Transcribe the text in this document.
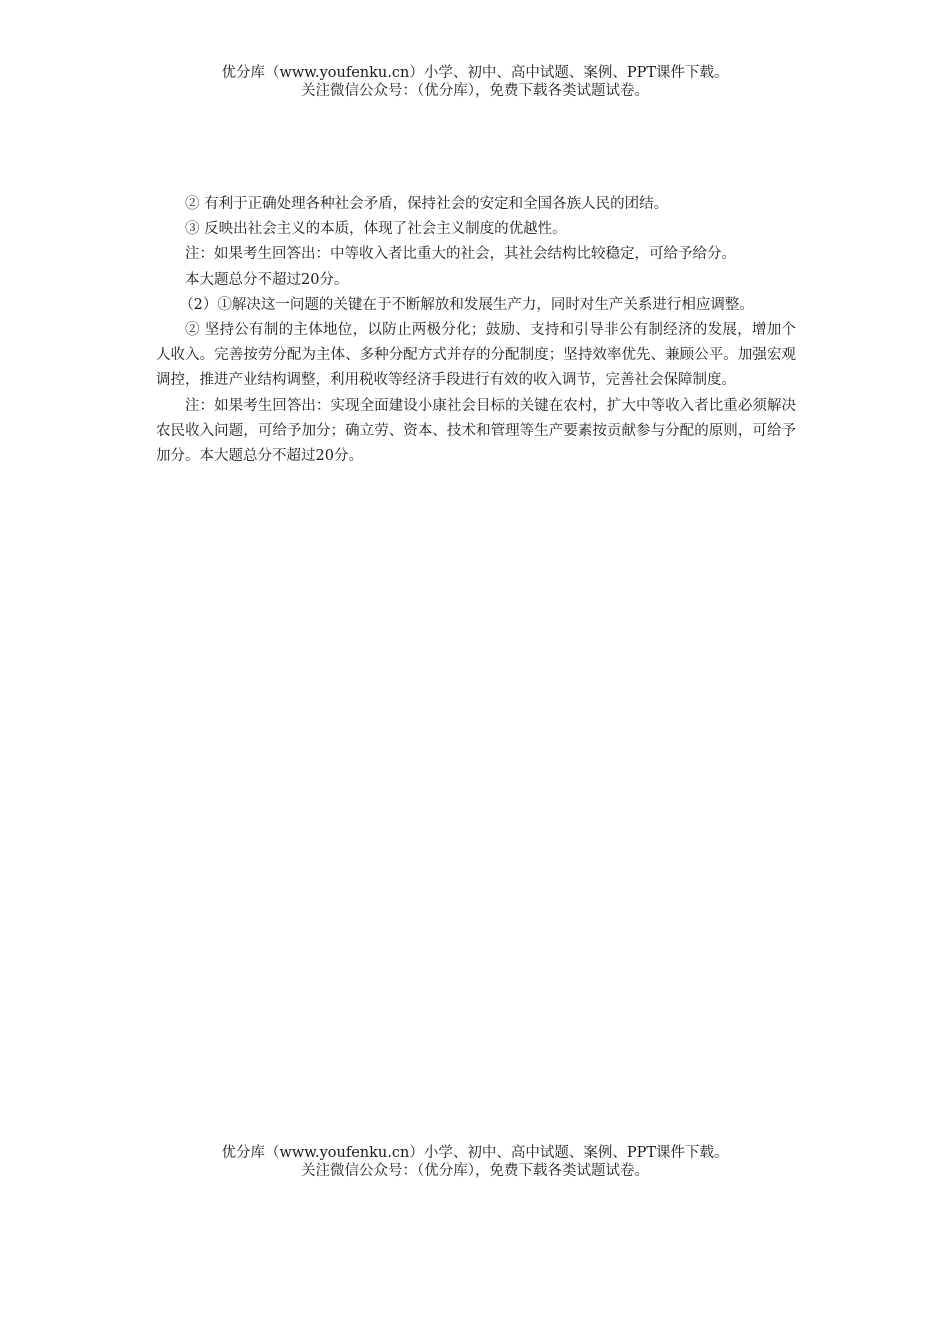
优分库（www.youfenku.cn）小学、初中、高中试题、案例、PPT课件下载。
关注微信公众号：（优分库），免费下载各类试题试卷。

② 有利于正确处理各种社会矛盾，保持社会的安定和全国各族人民的团结。

③ 反映出社会主义的本质，体现了社会主义制度的优越性。

注：如果考生回答出：中等收入者比重大的社会，其社会结构比较稳定，可给予给分。

本大题总分不超过20分。

（2）①解决这一问题的关键在于不断解放和发展生产力，同时对生产关系进行相应调整。

② 坚持公有制的主体地位，以防止两极分化；鼓励、支持和引导非公有制经济的发展，增加个人收入。完善按劳分配为主体、多种分配方式并存的分配制度；坚持效率优先、兼顾公平。加强宏观调控，推进产业结构调整，利用税收等经济手段进行有效的收入调节，完善社会保障制度。

注：如果考生回答出：实现全面建设小康社会目标的关键在农村，扩大中等收入者比重必须解决农民收入问题，可给予加分；确立劳、资本、技术和管理等生产要素按贡献参与分配的原则，可给予加分。本大题总分不超过20分。

优分库（www.youfenku.cn）小学、初中、高中试题、案例、PPT课件下载。
关注微信公众号：（优分库），免费下载各类试题试卷。
